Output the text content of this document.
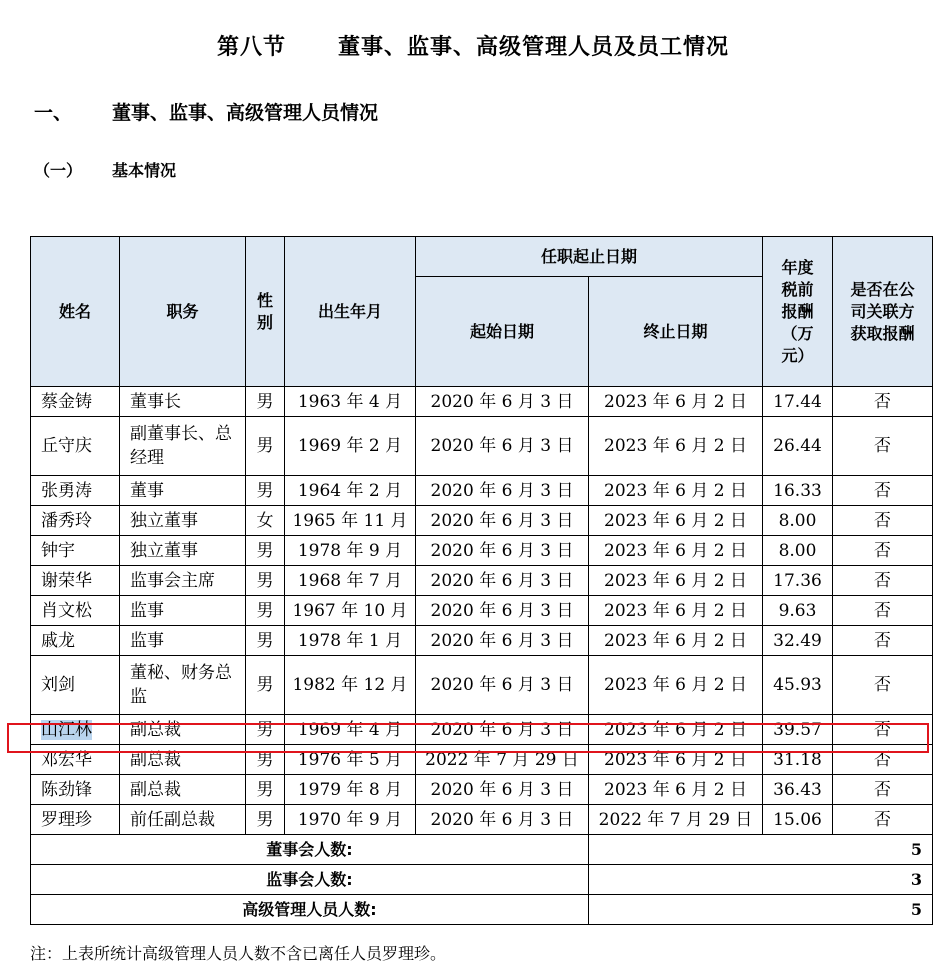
第八节      董事、监事、高级管理人员及员工情况
一、	董事、监事、高级管理人员情况
（一）	基本情况
姓名	职务	性别	出生年月	任职起止日期		年度税前报酬（万元）	是否在公司关联方获取报酬
				起始日期	终止日期		
蔡金铸	董事长	男	1963 年 4 月	2020 年 6 月 3 日	2023 年 6 月 2 日	17.44	否
丘守庆	副董事长、总经理	男	1969 年 2 月	2020 年 6 月 3 日	2023 年 6 月 2 日	26.44	否
张勇涛	董事	男	1964 年 2 月	2020 年 6 月 3 日	2023 年 6 月 2 日	16.33	否
潘秀玲	独立董事	女	1965 年 11 月	2020 年 6 月 3 日	2023 年 6 月 2 日	8.00	否
钟宇	独立董事	男	1978 年 9 月	2020 年 6 月 3 日	2023 年 6 月 2 日	8.00	否
谢荣华	监事会主席	男	1968 年 7 月	2020 年 6 月 3 日	2023 年 6 月 2 日	17.36	否
肖文松	监事	男	1967 年 10 月	2020 年 6 月 3 日	2023 年 6 月 2 日	9.63	否
戚龙	监事	男	1978 年 1 月	2020 年 6 月 3 日	2023 年 6 月 2 日	32.49	否
刘剑	董秘、财务总监	男	1982 年 12 月	2020 年 6 月 3 日	2023 年 6 月 2 日	45.93	否
山江林	副总裁	男	1969 年 4 月	2020 年 6 月 3 日	2023 年 6 月 2 日	39.57	否
邓宏华	副总裁	男	1976 年 5 月	2022 年 7 月 29 日	2023 年 6 月 2 日	31.18	否
陈劲锋	副总裁	男	1979 年 8 月	2020 年 6 月 3 日	2023 年 6 月 2 日	36.43	否
罗理珍	前任副总裁	男	1970 年 9 月	2020 年 6 月 3 日	2022 年 7 月 29 日	15.06	否
董事会人数:					5		
监事会人数:					3		
高级管理人员人数:					5		
注：上表所统计高级管理人员人数不含已离任人员罗理珍。
